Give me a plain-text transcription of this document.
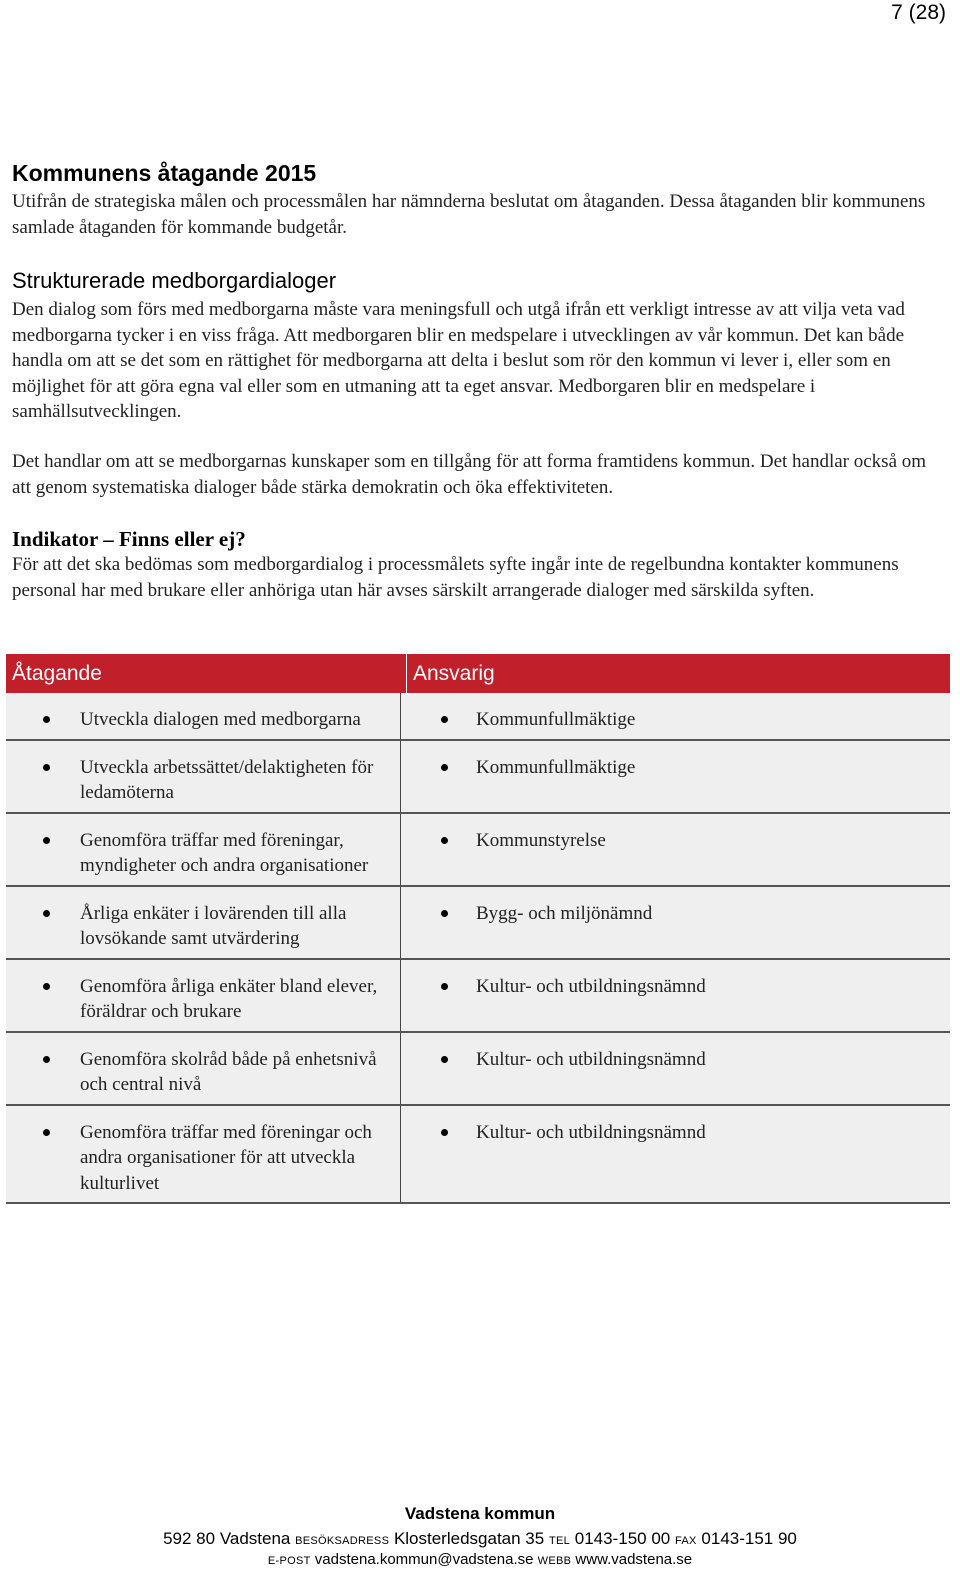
7 (28)
Kommunens åtagande 2015

Utifrån de strategiska målen och processmålen har nämnderna beslutat om åtaganden. Dessa åtaganden blir kommunens samlade åtaganden för kommande budgetår.

Strukturerade medborgardialoger

Den dialog som förs med medborgarna måste vara meningsfull och utgå ifrån ett verkligt intresse av att vilja veta vad medborgarna tycker i en viss fråga. Att medborgaren blir en medspelare i utvecklingen av vår kommun. Det kan både handla om att se det som en rättighet för medborgarna att delta i beslut som rör den kommun vi lever i, eller som en möjlighet för att göra egna val eller som en utmaning att ta eget ansvar. Medborgaren blir en medspelare i samhällsutvecklingen.

Det handlar om att se medborgarnas kunskaper som en tillgång för att forma framtidens kommun. Det handlar också om att genom systematiska dialoger både stärka demokratin och öka effektiviteten.

Indikator – Finns eller ej?

För att det ska bedömas som medborgardialog i processmålets syfte ingår inte de regelbundna kontakter kommunens personal har med brukare eller anhöriga utan här avses särskilt arrangerade dialoger med särskilda syften.

Åtagande	Ansvarig
Utveckla dialogen med medborgarna	Kommunfullmäktige
Utveckla arbetssättet/delaktigheten för ledamöterna
Kommunfullmäktige
Genomföra träffar med föreningar, myndigheter och andra organisationer
Kommunstyrelse
Årliga enkäter i lovärenden till alla lovsökande samt utvärdering
Bygg- och miljönämnd
Genomföra årliga enkäter bland elever, föräldrar och brukare
Kultur- och utbildningsnämnd
Genomföra skolråd både på enhetsnivå och central nivå
Kultur- och utbildningsnämnd
Genomföra träffar med föreningar och andra organisationer för att utveckla kulturlivet
Kultur- och utbildningsnämnd
Vadstena kommun
592 80 Vadstena BESÖKSADRESS Klosterledsgatan 35 TEL 0143-150 00 FAX 0143-151 90
E-POST vadstena.kommun@vadstena.se WEBB www.vadstena.se
